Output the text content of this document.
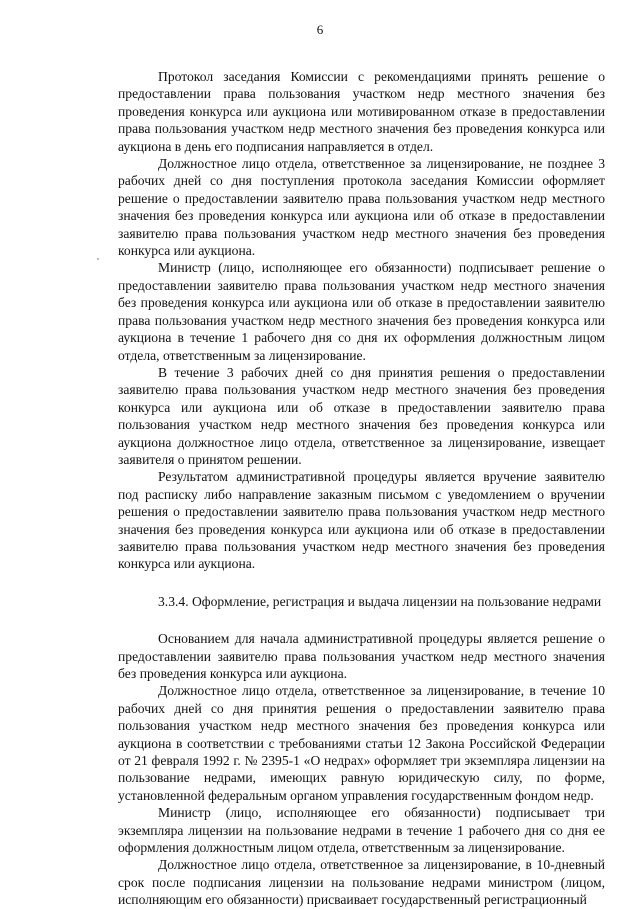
6

Протокол заседания Комиссии с рекомендациями принять решение о предоставлении права пользования участком недр местного значения без проведения конкурса или аукциона или мотивированном отказе в предоставлении права пользования участком недр местного значения без проведения конкурса или аукциона в день его подписания направляется в отдел.

Должностное лицо отдела, ответственное за лицензирование, не позднее 3 рабочих дней со дня поступления протокола заседания Комиссии оформляет решение о предоставлении заявителю права пользования участком недр местного значения без проведения конкурса или аукциона или об отказе в предоставлении заявителю права пользования участком недр местного значения без проведения конкурса или аукциона.

Министр (лицо, исполняющее его обязанности) подписывает решение о предоставлении заявителю права пользования участком недр местного значения без проведения конкурса или аукциона или об отказе в предоставлении заявителю права пользования участком недр местного значения без проведения конкурса или аукциона в течение 1 рабочего дня со дня их оформления должностным лицом отдела, ответственным за лицензирование.

В течение 3 рабочих дней со дня принятия решения о предоставлении заявителю права пользования участком недр местного значения без проведения конкурса или аукциона или об отказе в предоставлении заявителю права пользования участком недр местного значения без проведения конкурса или аукциона должностное лицо отдела, ответственное за лицензирование, извещает заявителя о принятом решении.

Результатом административной процедуры является вручение заявителю под расписку либо направление заказным письмом с уведомлением о вручении решения о предоставлении заявителю права пользования участком недр местного значения без проведения конкурса или аукциона или об отказе в предоставлении заявителю права пользования участком недр местного значения без проведения конкурса или аукциона.

3.3.4. Оформление, регистрация и выдача лицензии на пользование недрами

Основанием для начала административной процедуры является решение о предоставлении заявителю права пользования участком недр местного значения без проведения конкурса или аукциона.

Должностное лицо отдела, ответственное за лицензирование, в течение 10 рабочих дней со дня принятия решения о предоставлении заявителю права пользования участком недр местного значения без проведения конкурса или аукциона в соответствии с требованиями статьи 12 Закона Российской Федерации от 21 февраля 1992 г. № 2395-1 «О недрах» оформляет три экземпляра лицензии на пользование недрами, имеющих равную юридическую силу, по форме, установленной федеральным органом управления государственным фондом недр.

Министр (лицо, исполняющее его обязанности) подписывает три экземпляра лицензии на пользование недрами в течение 1 рабочего дня со дня ее оформления должностным лицом отдела, ответственным за лицензирование.

Должностное лицо отдела, ответственное за лицензирование, в 10-дневный срок после подписания лицензии на пользование недрами министром (лицом, исполняющим его обязанности) присваивает государственный регистрационный
